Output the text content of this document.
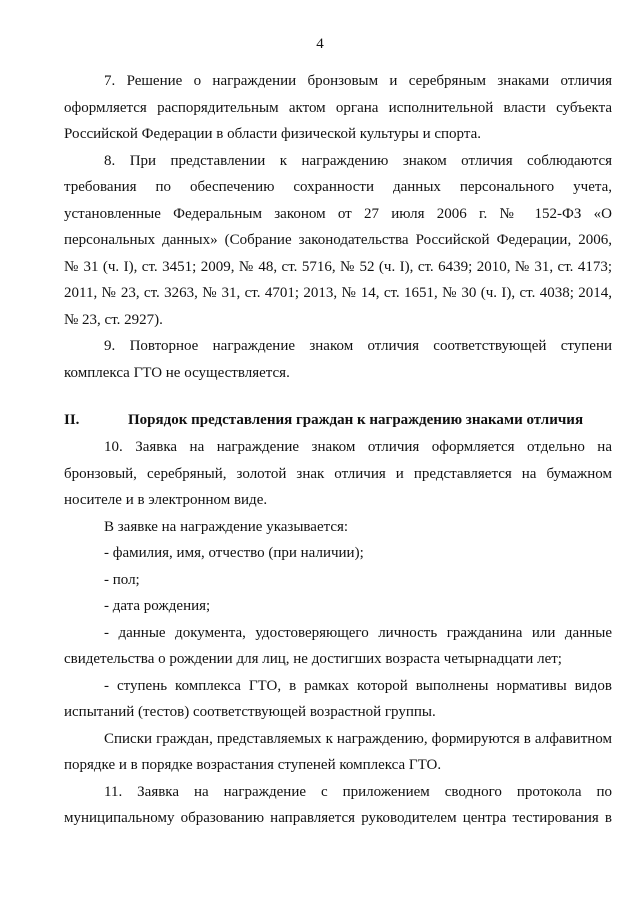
4
7. Решение о награждении бронзовым и серебряным знаками отличия
оформляется распорядительным актом органа исполнительной власти субъекта
Российской Федерации в области физической культуры и спорта.
8. При представлении к награждению знаком отличия соблюдаются
требования по обеспечению сохранности данных персонального учета,
установленные Федеральным законом от 27 июля 2006 г. № 152-ФЗ «О
персональных данных» (Собрание законодательства Российской Федерации, 2006,
№ 31 (ч. I), ст. 3451; 2009, № 48, ст. 5716, № 52 (ч. I), ст. 6439; 2010, № 31, ст. 4173;
2011, № 23, ст. 3263, № 31, ст. 4701; 2013, № 14, ст. 1651, № 30 (ч. I), ст. 4038; 2014,
№ 23, ст. 2927).
9. Повторное награждение знаком отличия соответствующей ступени
комплекса ГТО не осуществляется.
II.	Порядок представления граждан к награждению знаками отличия
10. Заявка на награждение знаком отличия оформляется отдельно на
бронзовый, серебряный, золотой знак отличия и представляется на бумажном
носителе и в электронном виде.
В заявке на награждение указывается:
- фамилия, имя, отчество (при наличии);
- пол;
- дата рождения;
- данные документа, удостоверяющего личность гражданина или данные
свидетельства о рождении для лиц, не достигших возраста четырнадцати лет;
- ступень комплекса ГТО, в рамках которой выполнены нормативы видов
испытаний (тестов) соответствующей возрастной группы.
Списки граждан, представляемых к награждению, формируются в алфавитном
порядке и в порядке возрастания ступеней комплекса ГТО.
11. Заявка на награждение с приложением сводного протокола по
муниципальному образованию направляется руководителем центра тестирования в
